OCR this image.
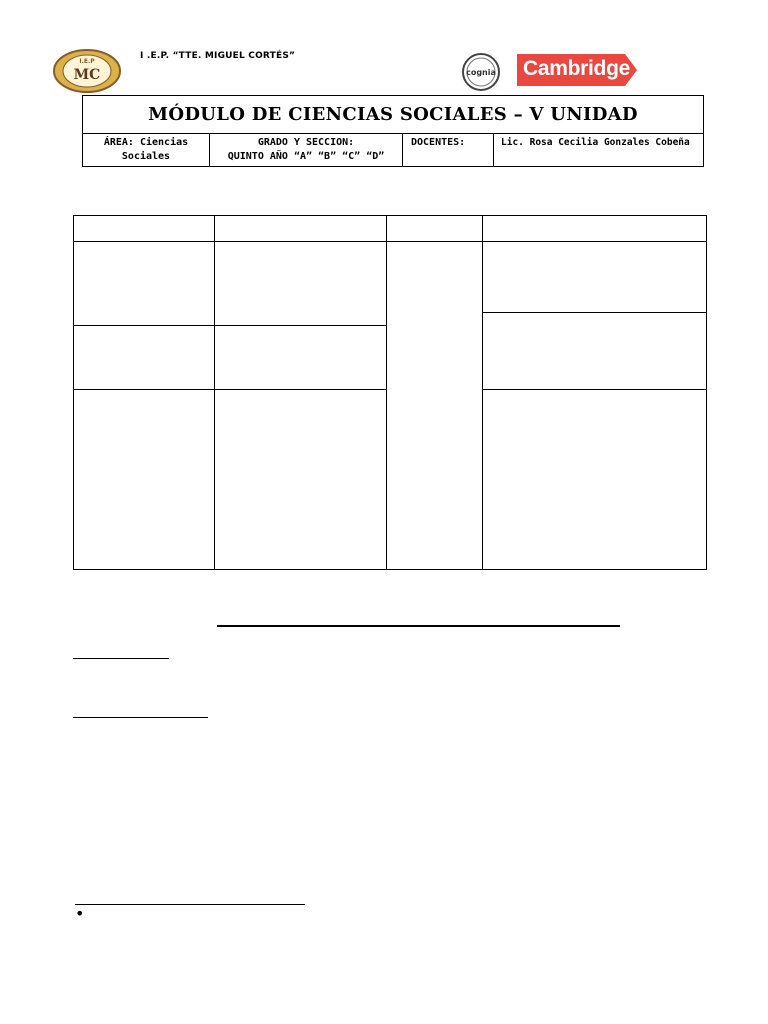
I.E.P
MC
I .E.P. “TTE. MIGUEL CORTÉS”
cognia Cambridge
MÓDULO DE CIENCIAS SOCIALES – V UNIDAD
ÁREA: Ciencias Sociales
GRADO Y SECCION:
QUINTO AÑO “A” “B” “C” “D”
DOCENTES:	Lic. Rosa Cecilia Gonzales Cobeña
•
